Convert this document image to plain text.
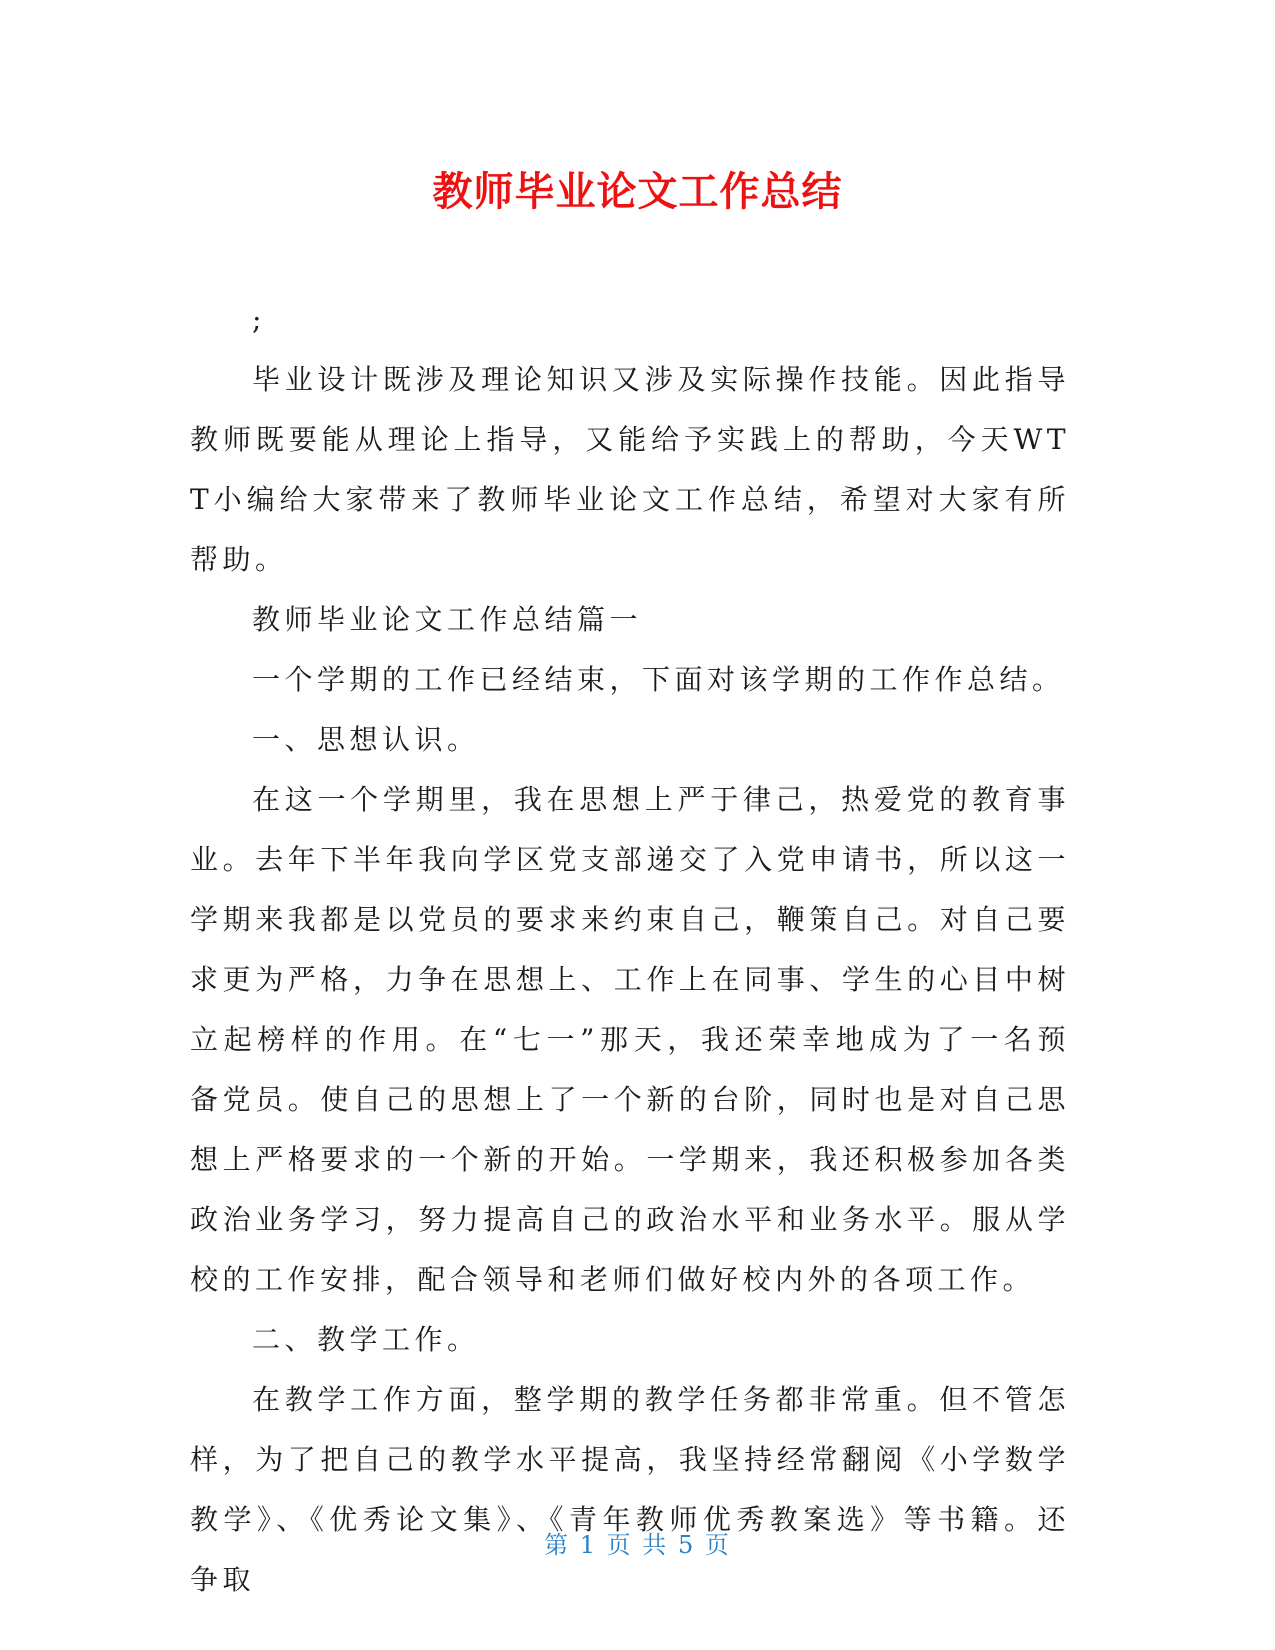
教师毕业论文工作总结

;

毕业设计既涉及理论知识又涉及实际操作技能。因此指导教师既要能从理论上指导，又能给予实践上的帮助，今天WTT小编给大家带来了教师毕业论文工作总结，希望对大家有所帮助。

教师毕业论文工作总结篇一

一个学期的工作已经结束，下面对该学期的工作作总结。

一、思想认识。

在这一个学期里，我在思想上严于律己，热爱党的教育事业。去年下半年我向学区党支部递交了入党申请书，所以这一学期来我都是以党员的要求来约束自己，鞭策自己。对自己要求更为严格，力争在思想上、工作上在同事、学生的心目中树立起榜样的作用。在“七一”那天，我还荣幸地成为了一名预备党员。使自己的思想上了一个新的台阶，同时也是对自己思想上严格要求的一个新的开始。一学期来，我还积极参加各类政治业务学习，努力提高自己的政治水平和业务水平。服从学校的工作安排，配合领导和老师们做好校内外的各项工作。

二、教学工作。

在教学工作方面，整学期的教学任务都非常重。但不管怎样，为了把自己的教学水平提高，我坚持经常翻阅《小学数学教学》、《优秀论文集》、《青年教师优秀教案选》等书籍。还争取

第 1 页 共 5 页
